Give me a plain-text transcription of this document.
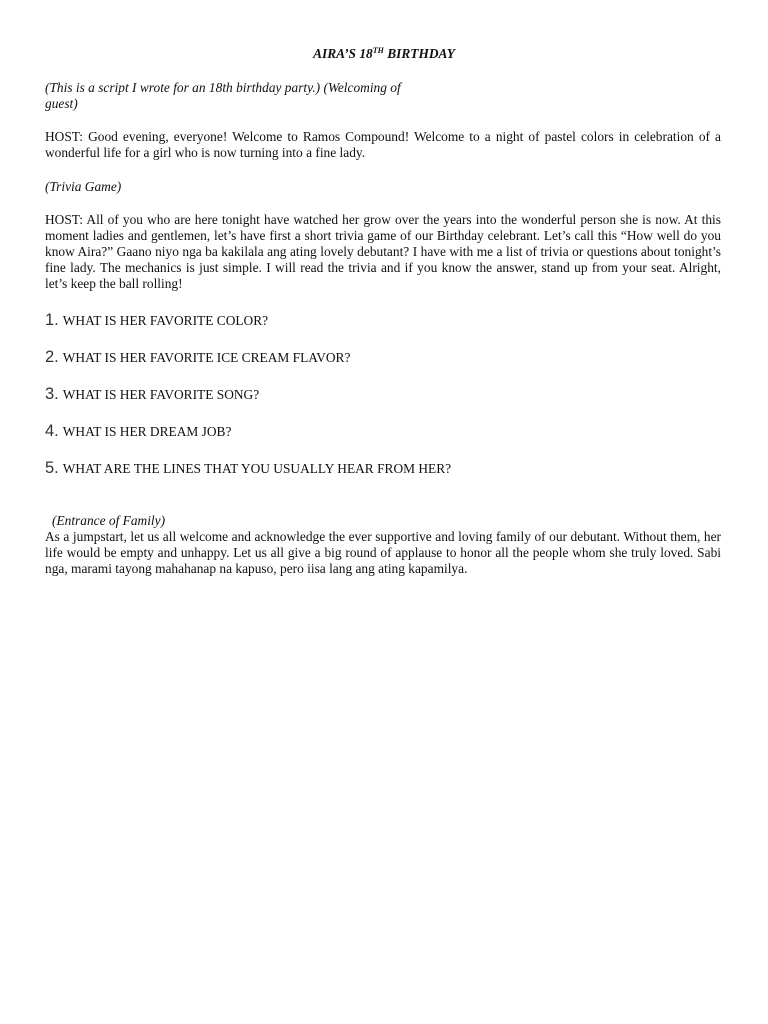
AIRA’S 18TH BIRTHDAY
(This is a script I wrote for an 18th birthday party.) (Welcoming of guest)
HOST: Good evening, everyone! Welcome to Ramos Compound! Welcome to a night of pastel colors in celebration of a wonderful life for a girl who is now turning into a fine lady.
(Trivia Game)
HOST: All of you who are here tonight have watched her grow over the years into the wonderful person she is now. At this moment ladies and gentlemen, let’s have first a short trivia game of our Birthday celebrant. Let’s call this “How well do you know Aira?” Gaano niyo nga ba kakilala ang ating lovely debutant? I have with me a list of trivia or questions about tonight’s fine lady. The mechanics is just simple. I will read the trivia and if you know the answer, stand up from your seat. Alright, let’s keep the ball rolling!
1. WHAT IS HER FAVORITE COLOR?
2. WHAT IS HER FAVORITE ICE CREAM FLAVOR?
3. WHAT IS HER FAVORITE SONG?
4. WHAT IS HER DREAM JOB?
5. WHAT ARE THE LINES THAT YOU USUALLY HEAR FROM HER?
(Entrance of Family)
As a jumpstart, let us all welcome and acknowledge the ever supportive and loving family of our debutant. Without them, her life would be empty and unhappy. Let us all give a big round of applause to honor all the people whom she truly loved. Sabi nga, marami tayong mahahanap na kapuso, pero iisa lang ang ating kapamilya.
